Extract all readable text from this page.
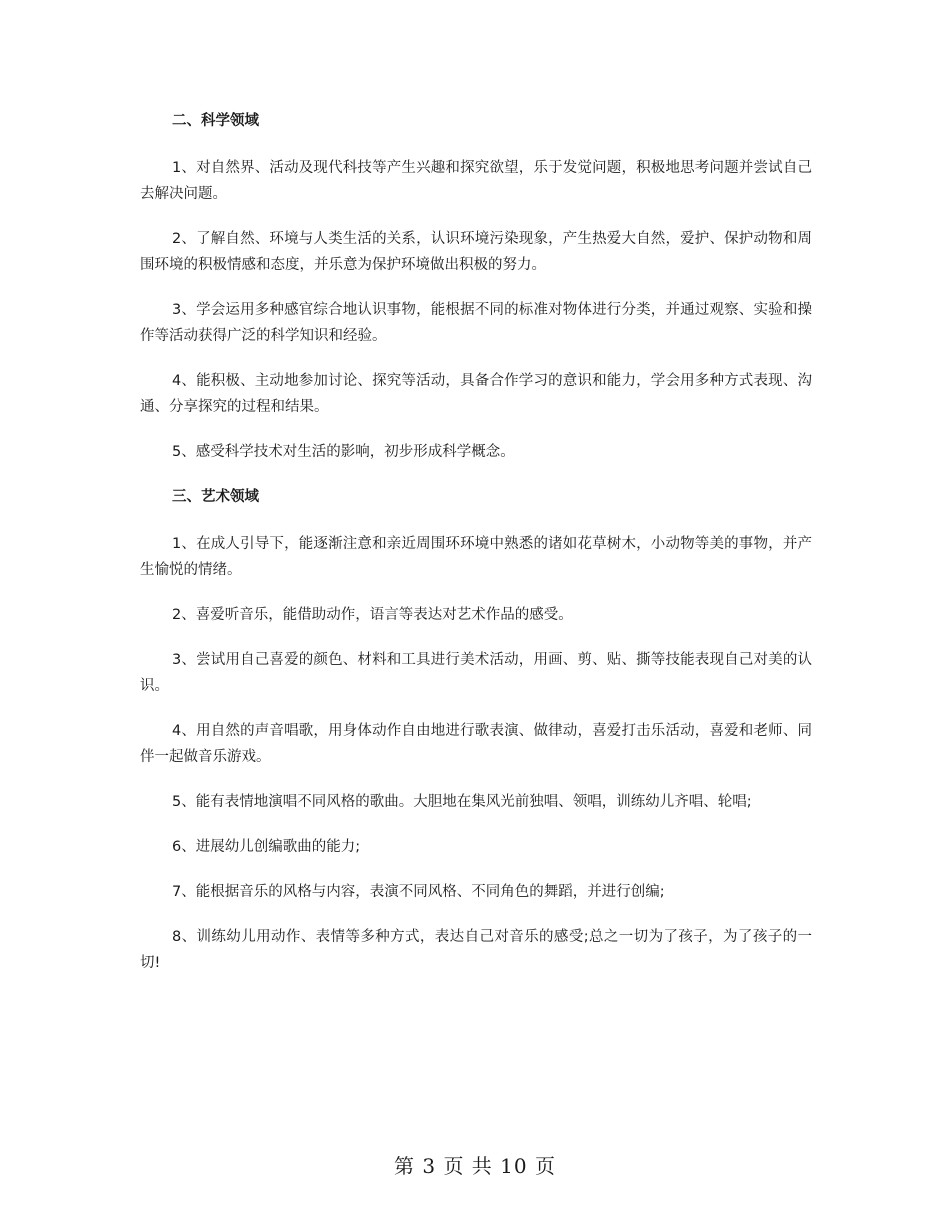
二、科学领域

1、对自然界、活动及现代科技等产生兴趣和探究欲望，乐于发觉问题，积极地思考问题并尝试自己去解决问题。

2、了解自然、环境与人类生活的关系，认识环境污染现象，产生热爱大自然，爱护、保护动物和周围环境的积极情感和态度，并乐意为保护环境做出积极的努力。

3、学会运用多种感官综合地认识事物，能根据不同的标准对物体进行分类，并通过观察、实验和操作等活动获得广泛的科学知识和经验。

4、能积极、主动地参加讨论、探究等活动，具备合作学习的意识和能力，学会用多种方式表现、沟通、分享探究的过程和结果。

5、感受科学技术对生活的影响，初步形成科学概念。

三、艺术领域

1、在成人引导下，能逐渐注意和亲近周围环环境中熟悉的诸如花草树木，小动物等美的事物，并产生愉悦的情绪。

2、喜爱听音乐，能借助动作，语言等表达对艺术作品的感受。

3、尝试用自己喜爱的颜色、材料和工具进行美术活动，用画、剪、贴、撕等技能表现自己对美的认识。

4、用自然的声音唱歌，用身体动作自由地进行歌表演、做律动，喜爱打击乐活动，喜爱和老师、同伴一起做音乐游戏。

5、能有表情地演唱不同风格的歌曲。大胆地在集风光前独唱、领唱，训练幼儿齐唱、轮唱;

6、进展幼儿创编歌曲的能力;

7、能根据音乐的风格与内容，表演不同风格、不同角色的舞蹈，并进行创编;

8、训练幼儿用动作、表情等多种方式，表达自己对音乐的感受;总之一切为了孩子，为了孩子的一切!

第 3 页 共 10 页
